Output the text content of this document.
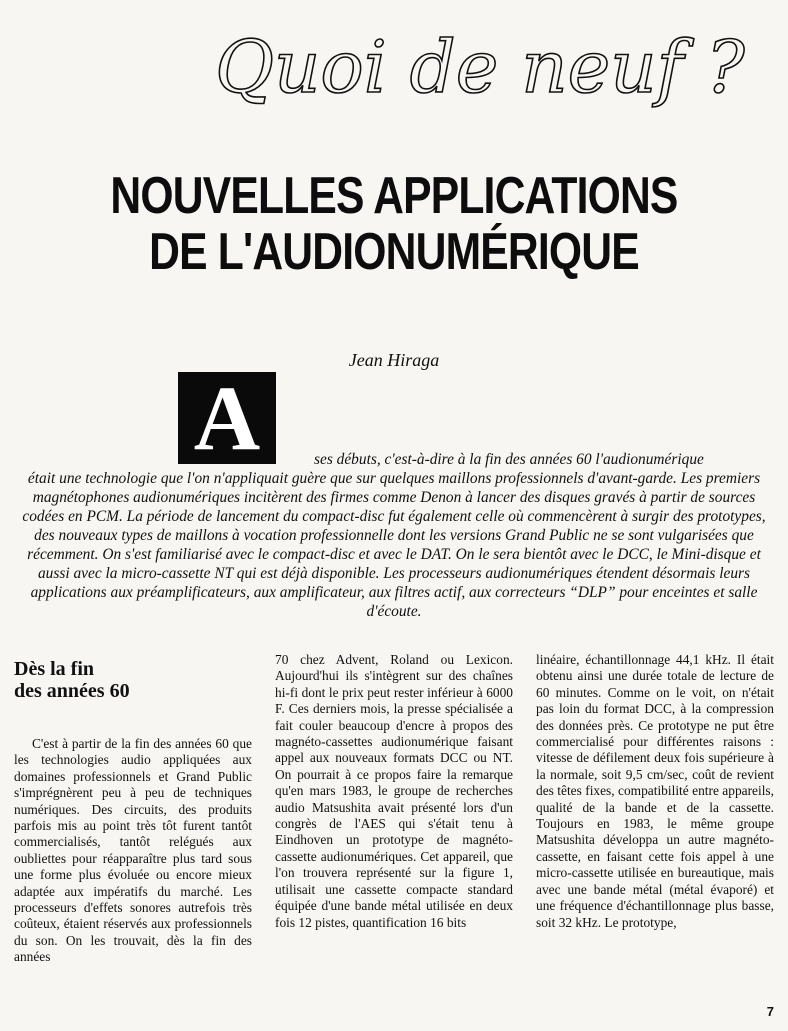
Quoi de neuf ?
NOUVELLES APPLICATIONS
DE L'AUDIONUMÉRIQUE
Jean Hiraga
A	ses débuts, c'est-à-dire à la fin des années 60 l'audionumérique
était une technologie que l'on n'appliquait guère que sur quelques maillons professionnels d'avant-garde. Les premiers magnétophones audionumériques incitèrent des firmes comme Denon à lancer des disques gravés à partir de sources codées en PCM. La période de lancement du compact-disc fut également celle où commencèrent à surgir des prototypes, des nouveaux types de maillons à vocation professionnelle dont les versions Grand Public ne se sont vulgarisées que récemment. On s'est familiarisé avec le compact-disc et avec le DAT. On le sera bientôt avec le DCC, le Mini-disque et aussi avec la micro-cassette NT qui est déjà disponible. Les processeurs audionumériques étendent désormais leurs applications aux préamplificateurs, aux amplificateur, aux filtres actif, aux correcteurs “DLP” pour enceintes et salle d'écoute.
Dès la fin
des années 60

C'est à partir de la fin des années 60 que les technologies audio appliquées aux domaines professionnels et Grand Public s'imprégnèrent peu à peu de techniques numériques. Des circuits, des produits parfois mis au point très tôt furent tantôt commercialisés, tantôt relégués aux oubliettes pour réapparaître plus tard sous une forme plus évoluée ou encore mieux adaptée aux impératifs du marché. Les processeurs d'effets sonores autrefois très coûteux, étaient réservés aux professionnels du son. On les trouvait, dès la fin des années

70 chez Advent, Roland ou Lexicon. Aujourd'hui ils s'intègrent sur des chaînes hi-fi dont le prix peut rester inférieur à 6000 F. Ces derniers mois, la presse spécialisée a fait couler beaucoup d'encre à propos des magnéto-cassettes audionumérique faisant appel aux nouveaux formats DCC ou NT. On pourrait à ce propos faire la remarque qu'en mars 1983, le groupe de recherches audio Matsushita avait présenté lors d'un congrès de l'AES qui s'était tenu à Eindhoven un prototype de magnéto-cassette audionumériques. Cet appareil, que l'on trouvera représenté sur la figure 1, utilisait une cassette compacte standard équipée d'une bande métal utilisée en deux fois 12 pistes, quantification 16 bits

linéaire, échantillonnage 44,1 kHz. Il était obtenu ainsi une durée totale de lecture de 60 minutes. Comme on le voit, on n'était pas loin du format DCC, à la compression des données près. Ce prototype ne put être commercialisé pour différentes raisons : vitesse de défilement deux fois supérieure à la normale, soit 9,5 cm/sec, coût de revient des têtes fixes, compatibilité entre appareils, qualité de la bande et de la cassette. Toujours en 1983, le même groupe Matsushita développa un autre magnéto-cassette, en faisant cette fois appel à une micro-cassette utilisée en bureautique, mais avec une bande métal (métal évaporé) et une fréquence d'échantillonnage plus basse, soit 32 kHz. Le prototype,

7
